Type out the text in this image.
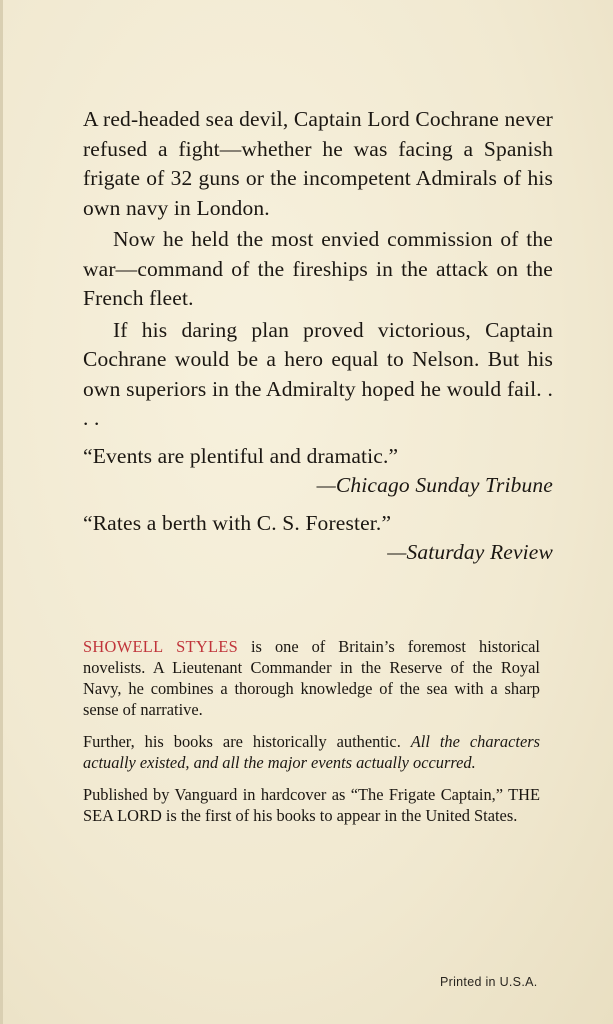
A red-headed sea devil, Captain Lord Cochrane never refused a fight—whether he was facing a Spanish frigate of 32 guns or the incompetent Admirals of his own navy in London.

Now he held the most envied commission of the war—command of the fireships in the attack on the French fleet.

If his daring plan proved victorious, Captain Cochrane would be a hero equal to Nelson. But his own superiors in the Admiralty hoped he would fail. . . .

“Events are plentiful and dramatic.”
—Chicago Sunday Tribune
“Rates a berth with C. S. Forester.”
—Saturday Review

SHOWELL STYLES is one of Britain’s foremost historical novelists. A Lieutenant Commander in the Reserve of the Royal Navy, he combines a thorough knowledge of the sea with a sharp sense of narrative.

Further, his books are historically authentic. All the characters actually existed, and all the major events actually occurred.

Published by Vanguard in hardcover as “The Frigate Captain,” THE SEA LORD is the first of his books to appear in the United States.

Printed in U.S.A.
